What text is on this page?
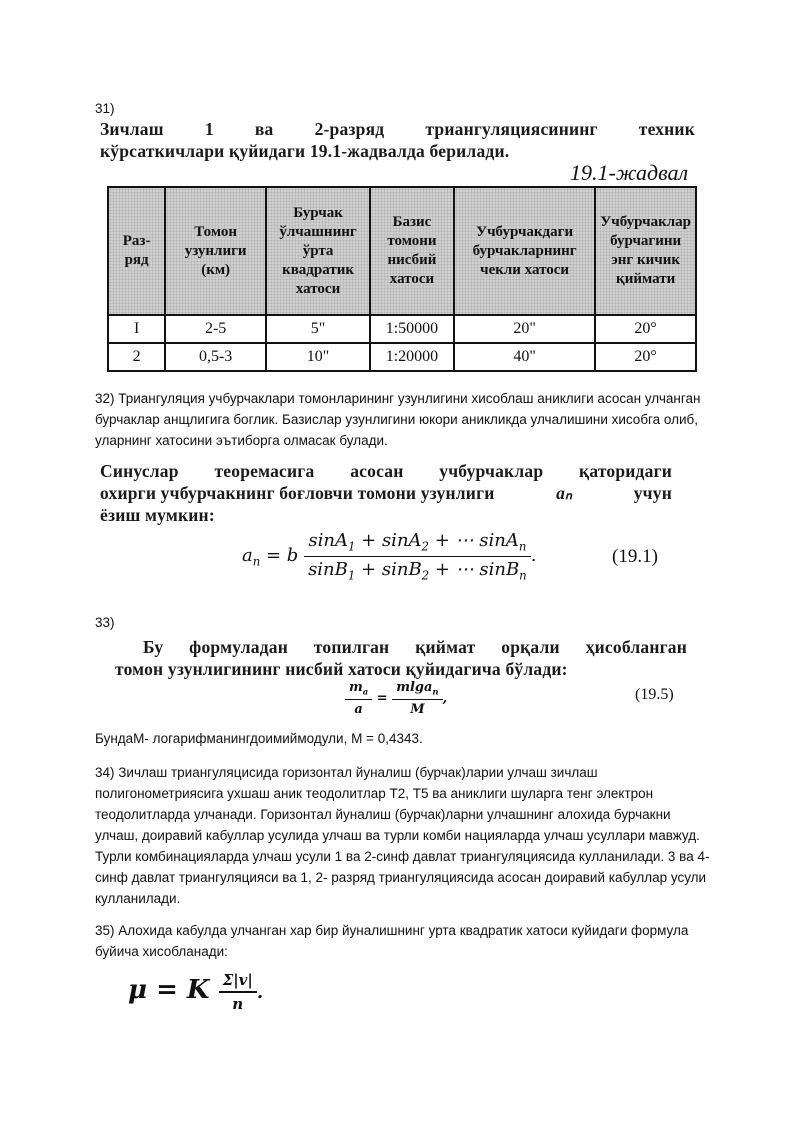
31)
Зичлаш 1 ва 2-разряд триангуляциясининг техник
кўрсаткичлари қуйидаги 19.1-жадвалда берилади.
19.1-жадвал
Раз-ряд	Томон узунлиги (км)	Бурчак ўлчашнинг ўрта квадратик хатоси	Базис томони нисбий хатоси	Учбурчакдаги бурчакларнинг чекли хатоси	Учбурчаклар бурчагини энг кичик қиймати
I	2-5	5"	1:50000	20"	20°
2	0,5-3	10"	1:20000	40"	20°
32) Триангуляция учбурчаклари томонларининг узунлигини хисоблаш аниклиги асосан улчанган бурчаклар анщлигига боглик. Базислар узунлигини юкори аникликда улчалишини хисобга олиб, уларнинг хатосини эътиборга олмасак булади.
Синуслар теоремасига асосан учбурчаклар қаторидаги
охирги учбурчакнинг боғловчи томони узунлиги	aₙ	учун
ёзиш мумкин:
$a_n = b \frac{\sin A_1 + \sin A_2 + \cdots \sin A_n}{\sin B_1 + \sin B_2 + \cdots \sin B_n}$ .	(19.1)
33)
Бу формуладан топилган қиймат орқали ҳисобланган
томон узунлигининг нисбий хатоси қуйидагича бўлади:
$\frac{m_a}{a} = \frac{mlga_n}{M}$ ,	(19.5)
БундаМ- логарифманингдоимиймодули, М = 0,4343.
34) Зичлаш триангуляцисида горизонтал йуналиш (бурчак)ларии улчаш зичлаш полигонометриясига ухшаш аник теодолитлар Т2, Т5 ва аниклиги шуларга тенг электрон теодолитларда улчанади. Горизонтал йуналиш (бурчак)ларни улчашнинг алохида бурчакни улчаш, доиравий кабуллар усулида улчаш ва турли комби нацияларда улчаш усуллари мавжуд. Турли комбинацияларда улчаш усули 1 ва 2-синф давлат триангуляциясида кулланилади. 3 ва 4-синф давлат триангуляцияси ва 1, 2- разряд триангуляциясида асосан доиравий кабуллар усули кулланилади.
35) Алохида кабулда улчанган хар бир йуналишнинг урта квадратик хатоси куйидаги формула буйича хисобланади:
μ = K $\frac{\Sigma|v|}{n}$ .
